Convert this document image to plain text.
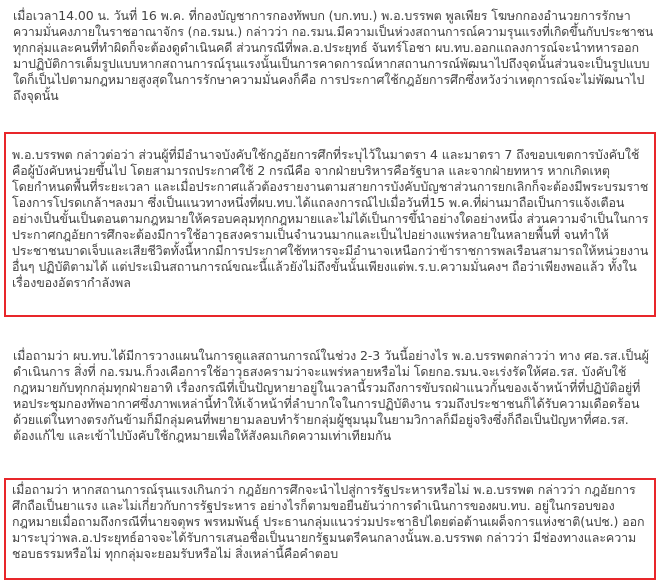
เมื่อเวลา14.00 น. วันที่ 16 พ.ค. ที่กองบัญชาการกองทัพบก (บก.ทบ.) พ.อ.บรรพต พูลเพียร โฆษกกองอำนวยการรักษา
ความมั่นคงภายในราชอาณาจักร (กอ.รมน.) กล่าวว่า กอ.รมน.มีความเป็นห่วงสถานการณ์ความรุนแรงที่เกิดขึ้นกับประชาชน
ทุกกลุ่มและคนที่ทำผิดก็จะต้องดูดำเนินคดี ส่วนกรณีที่พล.อ.ประยุทธ์ จันทร์โอชา ผบ.ทบ.ออกแถลงการณ์จะนำทหารออก
มาปฏิบัติการเต็มรูปแบบหากสถานการณ์รุนแรงนั้นเป็นการคาดการณ์หากสถานการณ์พัฒนาไปถึงจุดนั้นส่วนจะเป็นรูปแบบ
ใดก็เป็นไปตามกฎหมายสูงสุดในการรักษาความมั่นคงก็คือ การประกาศใช้กฎอัยการศึกซึ่งหวังว่าเหตุการณ์จะไม่พัฒนาไป
ถึงจุดนั้น
พ.อ.บรรพต กล่าวต่อว่า ส่วนผู้ที่มีอำนาจบังคับใช้กฎอัยการศึกที่ระบุไว้ในมาตรา 4 และมาตรา 7 ถึงขอบเขตการบังคับใช้
คือผู้บังคับหน่วยขึ้นไป โดยสามารถประกาศใช้ 2 กรณีคือ จากฝ่ายบริหารคือรัฐบาล และจากฝ่ายทหาร หากเกิดเหตุ
โดยกำหนดพื้นที่ระยะเวลา และเมื่อประกาศแล้วต้องรายงานตามสายการบังคับบัญชาส่วนการยกเลิกก็จะต้องมีพระบรมราช
โองการโปรดเกล้าฯลงมา ซึ่งเป็นแนวทางหนึ่งที่ผบ.ทบ.ได้แถลงการณ์ไปเมื่อวันที่15 พ.ค.ที่ผ่านมาถือเป็นการแจ้งเตือน
อย่างเป็นขั้นเป็นตอนตามกฎหมายให้ครอบคลุมทุกกฎหมายและไม่ได้เป็นการขึ้นำอย่างใดอย่างหนึ่ง ส่วนความจำเป็นในการ
ประกาศกฎอัยการศึกจะต้องมีการใช้อาวุธสงครามเป็นจำนวนมากและเป็นไปอย่างแพร่หลายในหลายพื้นที่ จนทำให้
ประชาชนบาดเจ็บและเสียชีวิตทั้งนี้หากมีการประกาศใช้ทหารจะมีอำนาจเหนือกว่าข้าราชการพลเรือนสามารถให้หน่วยงาน
อื่นๆ ปฏิบัติตามได้ แต่ประเมินสถานการณ์ขณะนี้แล้วยังไม่ถึงขั้นนั้นเพียงแต่พ.ร.บ.ความมั่นคงฯ ถือว่าเพียงพอแล้ว ทั้งใน
เรื่องของอัตรากำลังพล
เมื่อถามว่า ผบ.ทบ.ได้มีการวางแผนในการดูแลสถานการณ์ในช่วง 2-3 วันนี้อย่างไร พ.อ.บรรพตกล่าวว่า ทาง ศอ.รส.เป็นผู้
ดำเนินการ สิ่งที่ กอ.รมน.ก็วงเคือการใช้อาวุธสงครามว่าจะแพร่หลายหรือไม่ โดยกอ.รมน.จะเร่งรัดให้ศอ.รส. บังคับใช้
กฎหมายกับทุกกลุ่มทุกฝ่ายอาทิ เรื่องกรณีที่เป็นปัญหายาอยู่ในเวลานี้รวมถึงการขับรถฝ่าแนวกั้นของเจ้าหน้าที่ที่ปฏิบัติอยู่ที่
หอประชุมกองทัพอากาศซึ่งภาพเหล่านี้ทำให้เจ้าหน้าที่ลำบากใจในการปฏิบัติงาน รวมถึงประชาชนก็ได้รับความเดือดร้อน
ด้วยแต่ในทางตรงกันข้ามก็มีกลุ่มคนที่พยายามลอบทำร้ายกลุ่มผู้ชุมนุมในยามวิกาลก็มีอยู่จริงซึ่งก็ถือเป็นปัญหาที่ศอ.รส.
ต้องแก้ไข และเข้าไปบังคับใช้กฎหมายเพื่อให้สังคมเกิดความเท่าเทียมกัน
เมื่อถามว่า หากสถานการณ์รุนแรงเกินกว่า กฎอัยการศึกจะนำไปสู่การรัฐประหารหรือไม่ พ.อ.บรรพต กล่าวว่า กฎอัยการ
ศึกถือเป็นยาแรง และไม่เกี่ยวกับการรัฐประหาร อย่างไรก็ตามขอยืนยันว่าการดำเนินการของผบ.ทบ. อยู่ในกรอบของ
กฎหมายเมื่อถามถึงกรณีที่นายจตุพร พรหมพันธุ์ ประธานกลุ่มแนวร่วมประชาธิปไตยต่อต้านเผด็จการแห่งชาติ(นปช.) ออก
มาระบุว่าพล.อ.ประยุทธ์อาจจะได้รับการเสนอชื่อเป็นนายกรัฐมนตรีคนกลางนั้นพ.อ.บรรพต กล่าวว่า มีช่องทางและความ
ชอบธรรมหรือไม่ ทุกกลุ่มจะยอมรับหรือไม่ สิ่งเหล่านี้คือคำตอบ
